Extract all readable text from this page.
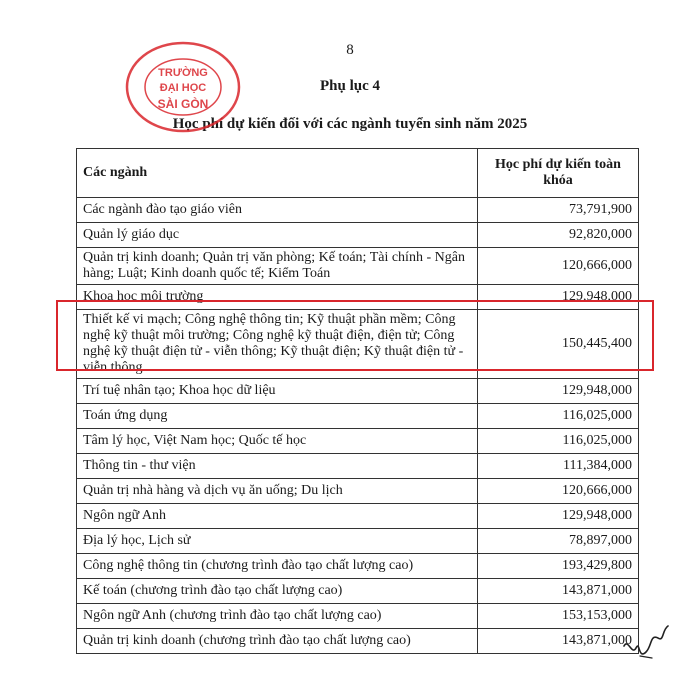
8
Phụ lục 4
Học phí dự kiến đối với các ngành tuyển sinh năm 2025
TRƯỜNG
ĐẠI HỌC
SÀI GÒN
Các ngành	Học phí dự kiến toàn khóa
Các ngành đào tạo giáo viên	73,791,900
Quản lý giáo dục	92,820,000
Quản trị kinh doanh; Quản trị văn phòng; Kế toán; Tài chính - Ngân hàng; Luật; Kinh doanh quốc tế; Kiểm Toán	120,666,000
Khoa học môi trường	129,948,000
Thiết kế vi mạch; Công nghệ thông tin; Kỹ thuật phần mềm; Công nghệ kỹ thuật môi trường; Công nghệ kỹ thuật điện, điện tử; Công nghệ kỹ thuật điện tử - viễn thông; Kỹ thuật điện; Kỹ thuật điện tử - viễn thông.	150,445,400
Trí tuệ nhân tạo; Khoa học dữ liệu	129,948,000
Toán ứng dụng	116,025,000
Tâm lý học, Việt Nam học; Quốc tế học	116,025,000
Thông tin - thư viện	111,384,000
Quản trị nhà hàng và dịch vụ ăn uống; Du lịch	120,666,000
Ngôn ngữ Anh	129,948,000
Địa lý học, Lịch sử	78,897,000
Công nghệ thông tin (chương trình đào tạo chất lượng cao)	193,429,800
Kế toán (chương trình đào tạo chất lượng cao)	143,871,000
Ngôn ngữ Anh (chương trình đào tạo chất lượng cao)	153,153,000
Quản trị kinh doanh (chương trình đào tạo chất lượng cao)	143,871,000
